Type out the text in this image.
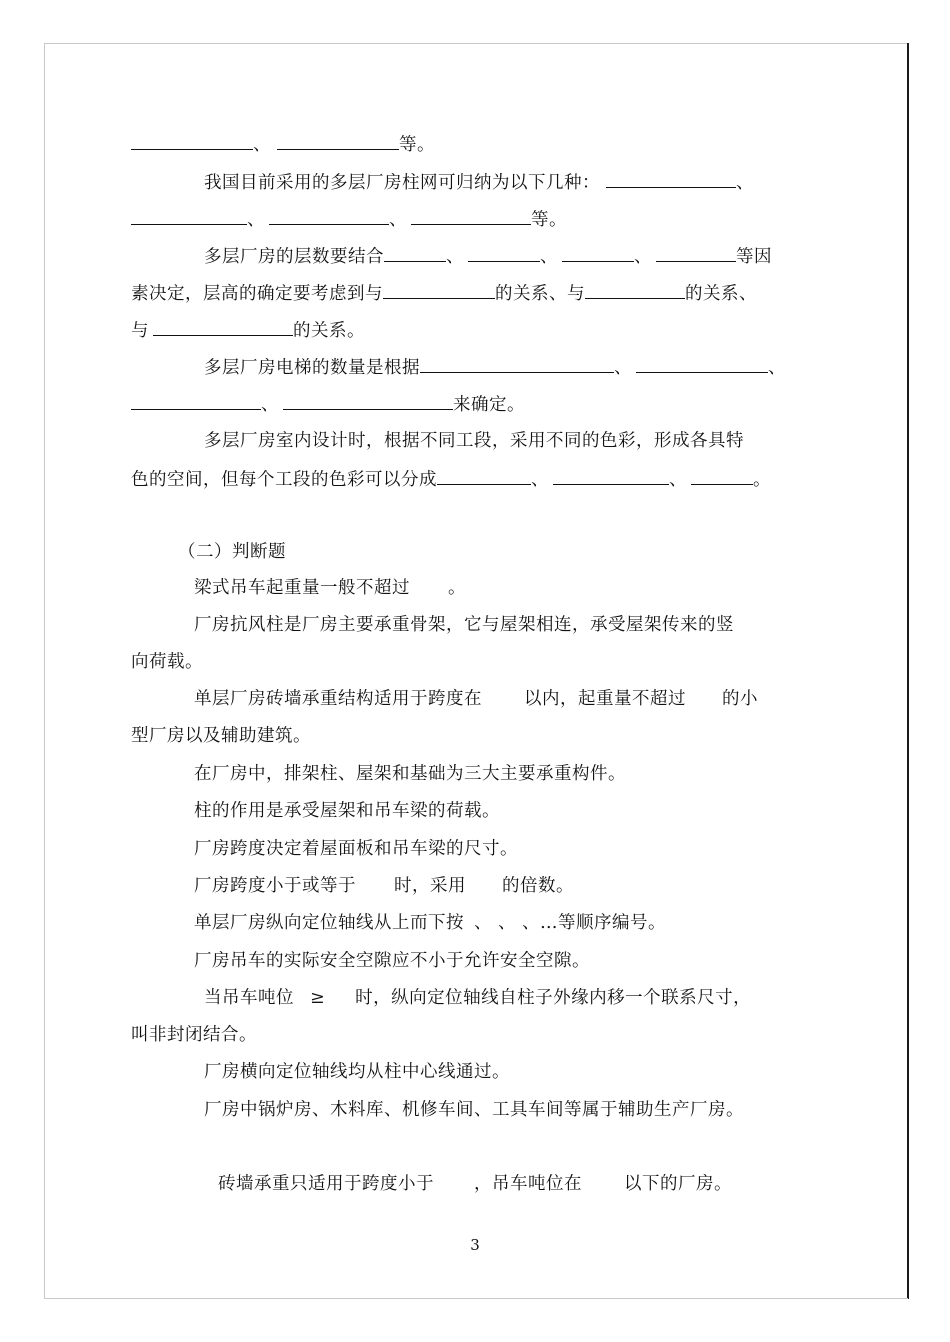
、	等。
我国目前采用的多层厂房柱网可归纳为以下几种：	、
、	、	等。
多层厂房的层数要结合	、	、	、	等因
素决定，层高的确定要考虑到与	的关系、与	的关系、
与	的关系。
多层厂房电梯的数量是根据	、	、
、	来确定。
多层厂房室内设计时，根据不同工段，采用不同的色彩，形成各具特
色的空间，但每个工段的色彩可以分成	、	、	。
（二）判断题
梁式吊车起重量一般不超过 。
厂房抗风柱是厂房主要承重骨架，它与屋架相连，承受屋架传来的竖
向荷载。
单层厂房砖墙承重结构适用于跨度在 以内，起重量不超过 的小
型厂房以及辅助建筑。
在厂房中，排架柱、屋架和基础为三大主要承重构件。
柱的作用是承受屋架和吊车梁的荷载。
厂房跨度决定着屋面板和吊车梁的尺寸。
厂房跨度小于或等于 时，采用 的倍数。
单层厂房纵向定位轴线从上而下按 、 、 、…等顺序编号。
厂房吊车的实际安全空隙应不小于允许安全空隙。
当吊车吨位 ≥ 时，纵向定位轴线自柱子外缘内移一个联系尺寸，
叫非封闭结合。
厂房横向定位轴线均从柱中心线通过。
厂房中锅炉房、木料库、机修车间、工具车间等属于辅助生产厂房。
砖墙承重只适用于跨度小于 ，吊车吨位在 以下的厂房。
3
